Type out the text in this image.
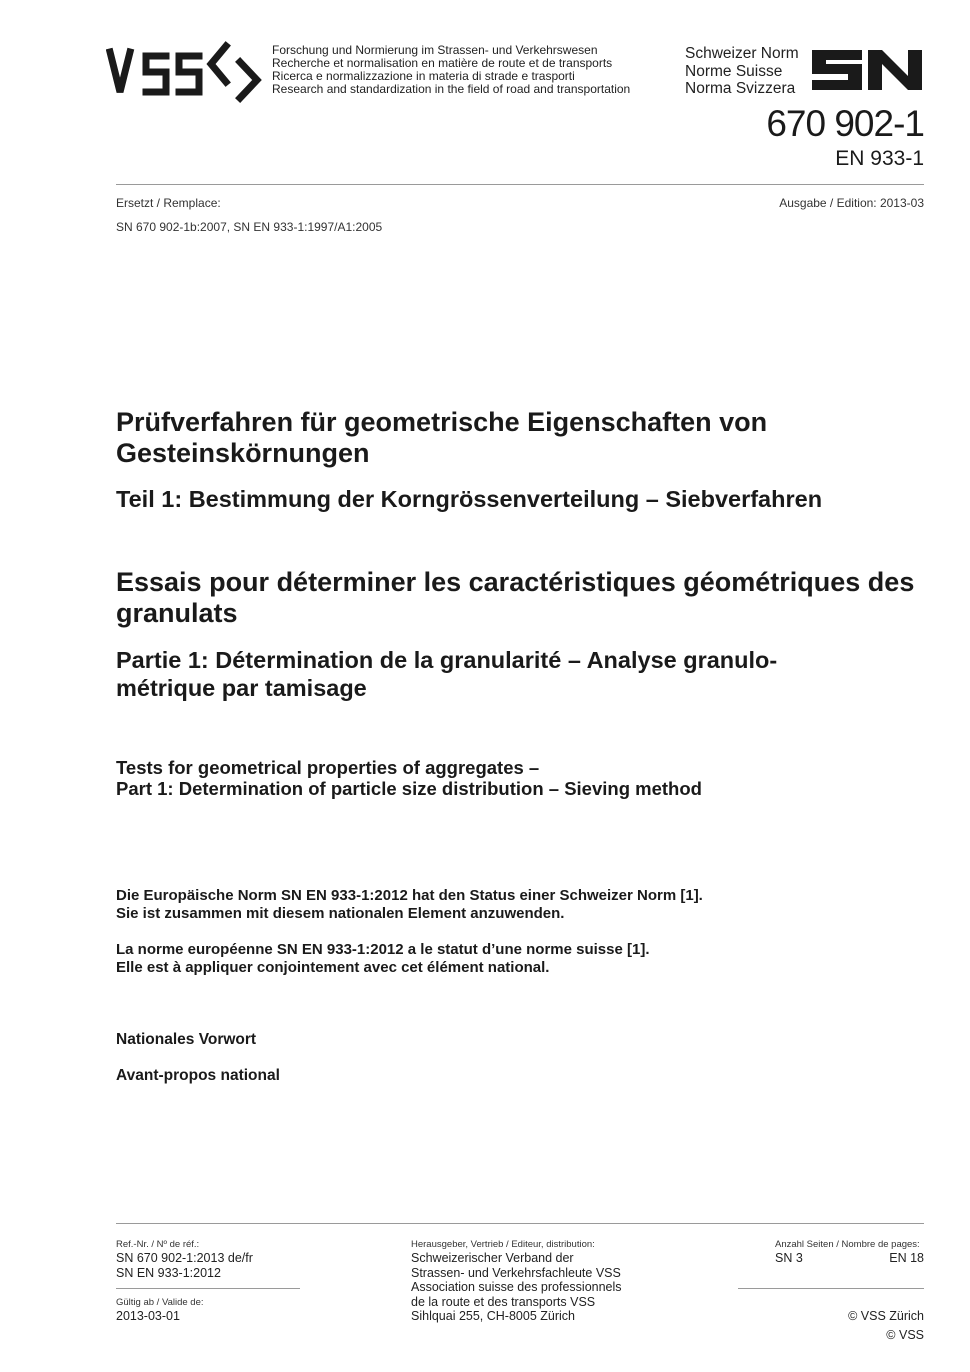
Forschung und Normierung im Strassen- und Verkehrswesen
Recherche et normalisation en matière de route et de transports
Ricerca e normalizzazione in materia di strade e trasporti
Research and standardization in the field of road and transportation
Schweizer Norm
Norme Suisse
Norma Svizzera
670 902-1
EN 933-1
Ersetzt / Remplace:	Ausgabe / Edition: 2013-03
SN 670 902-1b:2007, SN EN 933-1:1997/A1:2005
Prüfverfahren für geometrische Eigenschaften von Gesteinskörnungen
Teil 1: Bestimmung der Korngrössenverteilung – Siebverfahren
Essais pour déterminer les caractéristiques géométriques des granulats
Partie 1: Détermination de la granularité – Analyse granulo-
métrique par tamisage
Tests for geometrical properties of aggregates –
Part 1: Determination of particle size distribution – Sieving method
Die Europäische Norm SN EN 933-1:2012 hat den Status einer Schweizer Norm [1].
Sie ist zusammen mit diesem nationalen Element anzuwenden.
La norme européenne SN EN 933-1:2012 a le statut d’une norme suisse [1].
Elle est à appliquer conjointement avec cet élément national.
Nationales Vorwort
Avant-propos national
Ref.-Nr. / Nº de réf.:
SN 670 902-1:2013 de/fr
SN EN 933-1:2012
Gültig ab / Valide de:
2013-03-01
Herausgeber, Vertrieb / Editeur, distribution:
Schweizerischer Verband der
Strassen- und Verkehrsfachleute VSS
Association suisse des professionnels
de la route et des transports VSS
Sihlquai 255, CH-8005 Zürich
Anzahl Seiten / Nombre de pages:
SN 3	EN 18
© VSS Zürich
© VSS
